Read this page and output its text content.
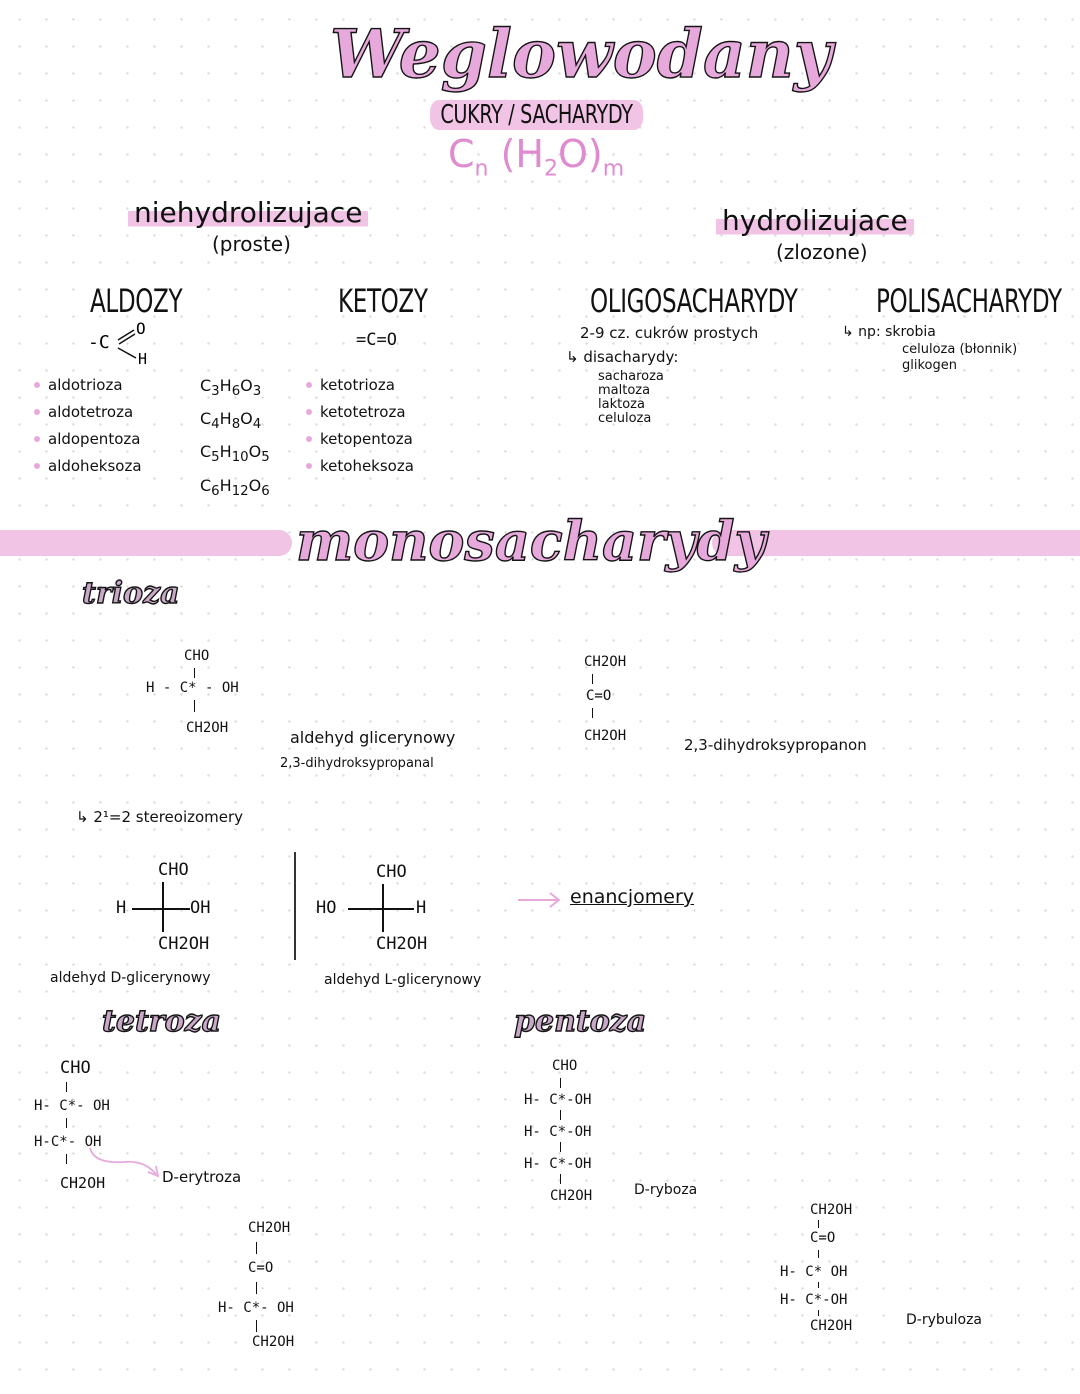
Weglowodany
CUKRY / SACHARYDY
$C_n$ $(H_2O)_m$
niehydrolizujace
(proste)
ALDOZY
-C
O
H
aldotrioza
aldotetroza
aldopentoza
aldoheksoza
$C_3H_6O_3$
$C_4H_8O_4$
$C_5H_{10}O_5$
$C_6H_{12}O_6$
KETOZY
=C=O
ketotrioza
ketotetroza
ketopentoza
ketoheksoza
hydrolizujace
(zlozone)
OLIGOSACHARYDY
2-9 cz. cukrów prostych
↳ disacharydy:
sacharoza
maltoza
laktoza
celuloza
POLISACHARYDY
↳ np: skrobia
celuloza (błonnik)
glikogen
monosacharydy
trioza
CHO
H - C* - OH
CH2OH	aldehyd glicerynowy
2,3-dihydroksypropanal
CH2OH
C=O
CH2OH	2,3-dihydroksypropanon
↳ 2¹=2 stereoizomery
CHO
H	OH
CH2OH
aldehyd D-glicerynowy
CHO
HO	H
CH2OH
aldehyd L-glicerynowy
enancjomery
tetroza
CHO
H- C*- OH
H-C*- OH
CH2OH	D-erytroza
CH2OH
C=O
H- C*- OH
CH2OH
pentoza
CHO
H- C*-OH
H- C*-OH
H- C*-OH
CH2OH	D-ryboza
CH2OH
C=O
H- C* OH
H- C*-OH
CH2OH	D-rybuloza
